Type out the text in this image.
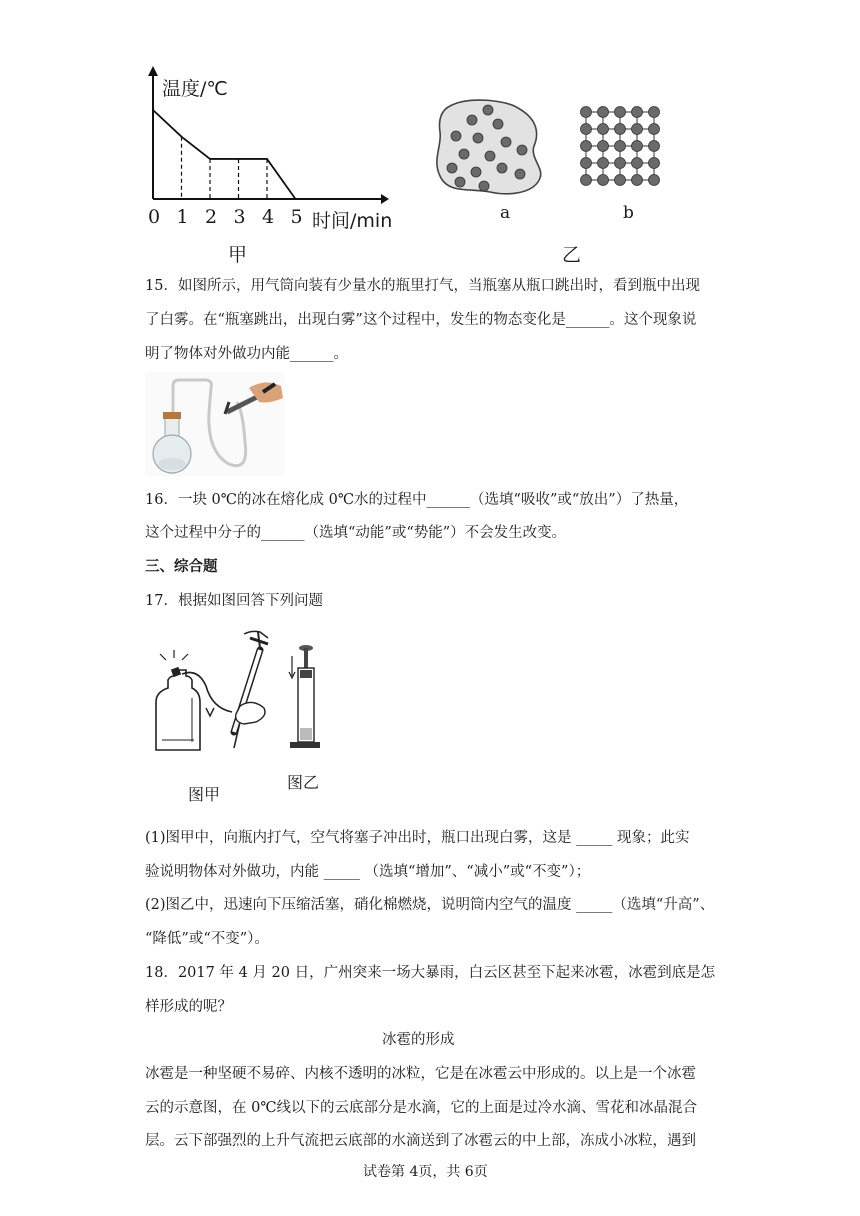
温度/℃
时间/min
0 1 2 3 4 5
甲
a	b
乙
15．如图所示，用气筒向装有少量水的瓶里打气，当瓶塞从瓶口跳出时，看到瓶中出现
了白雾。在“瓶塞跳出，出现白雾”这个过程中，发生的物态变化是______。这个现象说
明了物体对外做功内能______。
16．一块 0℃的冰在熔化成 0℃水的过程中______（选填“吸收”或“放出”）了热量，
这个过程中分子的______（选填“动能”或“势能”）不会发生改变。
三、综合题
17．根据如图回答下列问题
图甲
图乙
(1)图甲中，向瓶内打气，空气将塞子冲出时，瓶口出现白雾，这是 _____ 现象；此实
验说明物体对外做功，内能 _____ （选填“增加”、“减小”或“不变”）；
(2)图乙中，迅速向下压缩活塞，硝化棉燃烧，说明筒内空气的温度 _____（选填“升高”、
“降低”或“不变”）。
18．2017 年 4 月 20 日，广州突来一场大暴雨，白云区甚至下起来冰雹，冰雹到底是怎
样形成的呢？
冰雹的形成
冰雹是一种坚硬不易碎、内核不透明的冰粒，它是在冰雹云中形成的。以上是一个冰雹
云的示意图，在 0℃线以下的云底部分是水滴，它的上面是过冷水滴、雪花和冰晶混合
层。云下部强烈的上升气流把云底部的水滴送到了冰雹云的中上部，冻成小冰粒，遇到
试卷第 4页，共 6页
